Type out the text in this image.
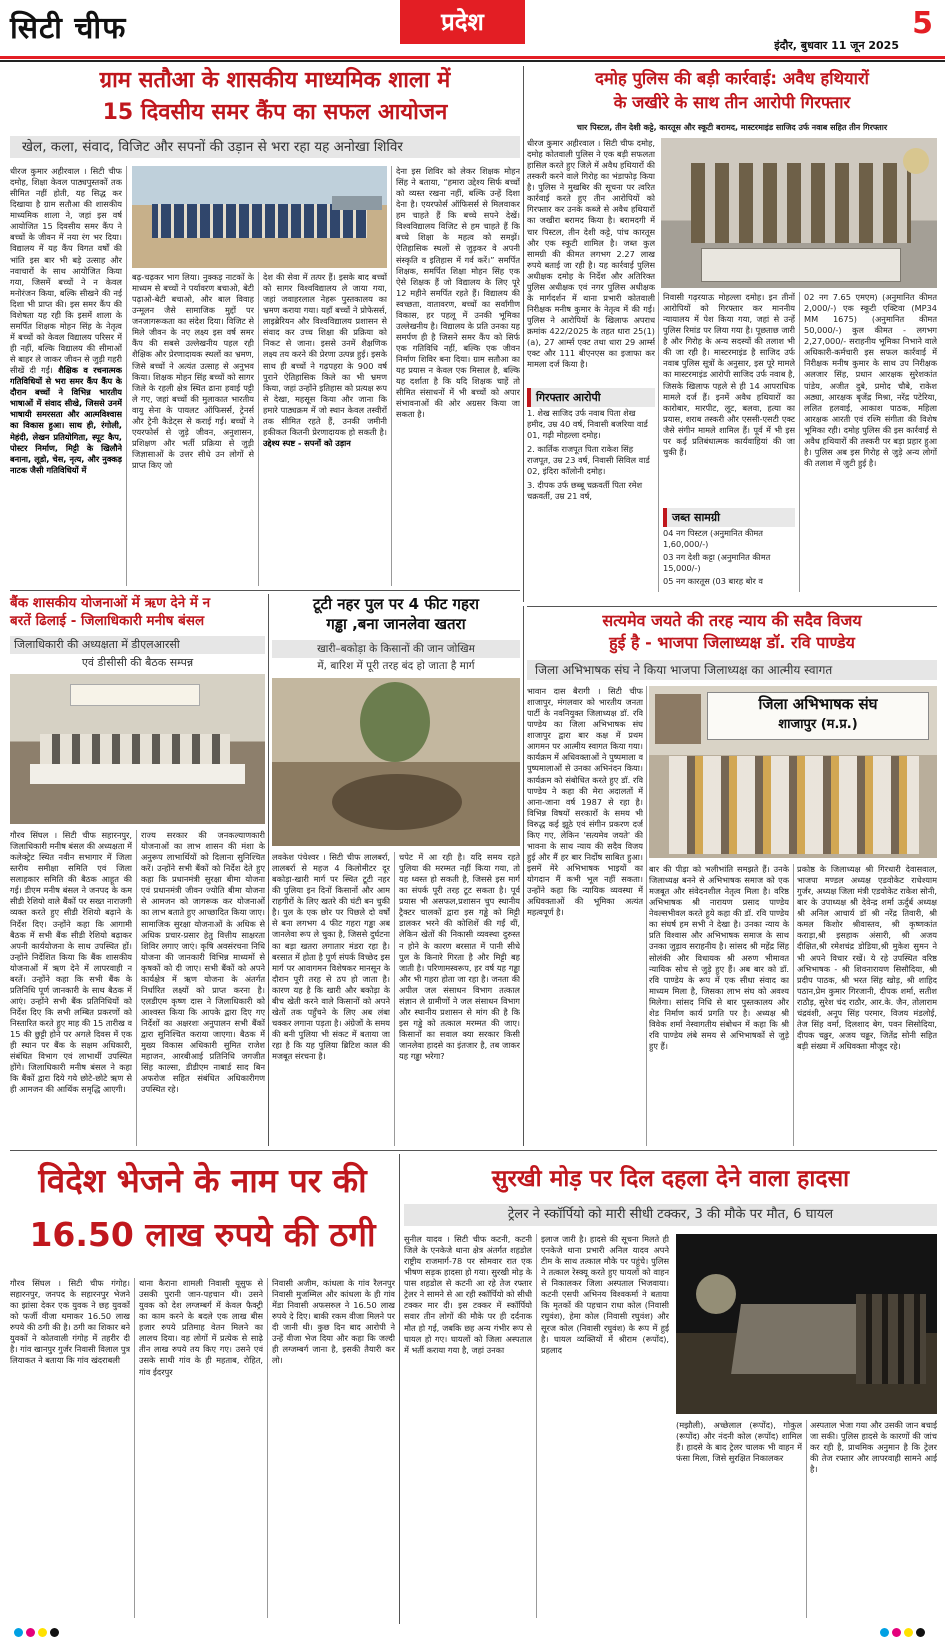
सिटी चीफ	प्रदेश
इंदौर, बुधवार 11 जून 2025
5
ग्राम सतौआ के शासकीय माध्यमिक शाला में
15 दिवसीय समर कैंप का सफल आयोजन
खेल, कला, संवाद, विजिट और सपनों की उड़ान से भरा रहा यह अनोखा शिविर
धीरज कुमार अहीरवाल । सिटी चीफ दमोह, शिक्षा केवल पाठ्यपुस्तकों तक सीमित नहीं होती, यह सिद्ध कर दिखाया है ग्राम सतौआ की शासकीय माध्यमिक शाला ने, जहां इस वर्ष आयोजित 15 दिवसीय समर कैंप ने बच्चों के जीवन में नया रंग भर दिया। विद्यालय में यह कैंप विगत वर्षों की भांति इस बार भी बड़े उत्साह और नवाचारों के साथ आयोजित किया गया, जिसमें बच्चों ने न केवल मनोरंजन किया, बल्कि सीखने की नई दिशा भी प्राप्त की। इस समर कैंप की विशेषता यह रही कि इसमें शाला के समर्पित शिक्षक मोहन सिंह के नेतृत्व में बच्चों को केवल विद्यालय परिसर में ही नहीं, बल्कि विद्यालय की सीमाओं से बाहर ले जाकर जीवन से जुड़ी गहरी सीखें दी गईं। शैक्षिक व रचनात्मक गतिविधियों से भरा समर कैंप कैंप के दौरान बच्चों ने विभिन्न भारतीय भाषाओं में संवाद सीखे, जिससे उनमें भाषायी समरसता और आत्मविश्वास का विकास हुआ। साथ ही, रंगोली, मेहंदी, लेखन प्रतियोगिता, स्पूट कैप, पोस्टर निर्माण, मिट्टी के खिलौने बनाना, लूडो, चेस, नृत्य, और नुक्कड़ नाटक जैसी गतिविधियों में
बढ़-चढ़कर भाग लिया। नुक्कड़ नाटकों के माध्यम से बच्चों ने पर्यावरण बचाओ, बेटी पढ़ाओ-बेटी बचाओ, और बाल विवाह उन्मूलन जैसे सामाजिक मुद्दों पर जनजागरूकता का संदेश दिया। विजिट से मिले जीवन के नए लक्ष्य इस वर्ष समर कैंप की सबसे उल्लेखनीय पहल रही शैक्षिक और प्रेरणादायक स्थलों का भ्रमण, जिसे बच्चों ने अत्यंत उत्साह से अनुभव किया। शिक्षक मोहन सिंह बच्चों को सागर जिले के रहली क्षेत्र स्थित ढाना हवाई पट्टी ले गए, जहां बच्चों की मुलाकात भारतीय वायु सेना के पायलट ऑफिसर्स, ट्रेनर्स और ट्रेनी कैडेट्स से कराई गई। बच्चों ने एयरफोर्स से जुड़े जीवन, अनुशासन, प्रशिक्षण और भर्ती प्रक्रिया से जुड़ी जिज्ञासाओं के उत्तर सीधे उन लोगों से प्राप्त किए जो
देश की सेवा में तत्पर हैं। इसके बाद बच्चों को सागर विश्वविद्यालय ले जाया गया, जहां जवाहरलाल नेहरू पुस्तकालय का भ्रमण कराया गया। यहाँ बच्चों ने प्रोफेसर्स, लाइब्रेरियन और विश्वविद्यालय प्रशासन से संवाद कर उच्च शिक्षा की प्रक्रिया को निकट से जाना। इससे उनमें शैक्षणिक लक्ष्य तय करने की प्रेरणा उत्पन्न हुई। इसके साथ ही बच्चों ने गढ़पहरा के 900 वर्ष पुराने ऐतिहासिक किले का भी भ्रमण किया, जहां उन्होंने इतिहास को प्रत्यक्ष रूप से देखा, महसूस किया और जाना कि हमारे पाठ्यक्रम में जो स्थान केवल तस्वीरों तक सीमित रहते हैं, उनकी जमीनी हकीकत कितनी प्रेरणादायक हो सकती है। उद्देश्य स्पष्ट - सपनों को उड़ान
देना इस शिविर को लेकर शिक्षक मोहन सिंह ने बताया, “हमारा उद्देश्य सिर्फ बच्चों को व्यस्त रखना नहीं, बल्कि उन्हें दिशा देना है। एयरफोर्स ऑफिसर्स से मिलवाकर हम चाहते हैं कि बच्चे सपने देखें। विश्वविद्यालय विजिट से हम चाहते हैं कि बच्चे शिक्षा के महत्व को समझें। ऐतिहासिक स्थलों से जुड़कर वे अपनी संस्कृति व इतिहास में गर्व करें।” समर्पित शिक्षक, समर्पित शिक्षा मोहन सिंह एक ऐसे शिक्षक हैं जो विद्यालय के लिए पूरे 12 महीने समर्पित रहते हैं। विद्यालय की स्वच्छता, वातावरण, बच्चों का सर्वांगीण विकास, हर पहलू में उनकी भूमिका उल्लेखनीय है। विद्यालय के प्रति उनका यह समर्पण ही है जिसने समर कैंप को सिर्फ एक गतिविधि नहीं, बल्कि एक जीवन निर्माण शिविर बना दिया। ग्राम सतौआ का यह प्रयास न केवल एक मिसाल है, बल्कि यह दर्शाता है कि यदि शिक्षक चाहें तो सीमित संसाधनों में भी बच्चों को अपार संभावनाओं की ओर अग्रसर किया जा सकता है।
दमोह पुलिस की बड़ी कार्रवाई: अवैध हथियारों
के जखीरे के साथ तीन आरोपी गिरफ्तार
चार पिस्टल, तीन देशी कट्टे, कारतूस और स्कूटी बरामद, मास्टरमाइंड साजिद उर्फ नवाब सहित तीन गिरफ्तार
धीरज कुमार अहीरवाल । सिटी चीफ दमोह, दमोह कोतवाली पुलिस ने एक बड़ी सफलता हासिल करते हुए जिले में अवैध हथियारों की तस्करी करने वाले गिरोह का भंडाफोड़ किया है। पुलिस ने मुखबिर की सूचना पर त्वरित कार्रवाई करते हुए तीन आरोपियों को गिरफ्तार कर उनके कब्जे से अवैध हथियारों का जखीरा बरामद किया है। बरामदगी में चार पिस्टल, तीन देशी कट्टे, पांच कारतूस और एक स्कूटी शामिल है। जब्त कुल सामग्री की कीमत लगभग 2.27 लाख रुपये बताई जा रही है। यह कार्रवाई पुलिस अधीक्षक दमोह के निर्देश और अतिरिक्त पुलिस अधीक्षक एवं नगर पुलिस अधीक्षक के मार्गदर्शन में थाना प्रभारी कोतवाली निरीक्षक मनीष कुमार के नेतृत्व में की गई। पुलिस ने आरोपियों के खिलाफ अपराध क्रमांक 422/2025 के तहत धारा 25(1)(a), 27 आर्म्स एक्ट तथा धारा 29 आर्म्स एक्ट और 111 बीएनएस का इजाफा कर मामला दर्ज किया है।
गिरफ्तार आरोपी
1. शेख साजिद उर्फ नवाब पिता शेख हमीद, उम्र 40 वर्ष, निवासी बजरिया वार्ड 01, गढ़ी मोहल्ला दमोह।
2. कार्तिक राजपूत पिता राकेश सिंह राजपूत, उम्र 23 वर्ष, निवासी सिविल वार्ड 02, इंदिरा कॉलोनी दमोह।
3. दीपक उर्फ छब्बू चक्रवर्ती पिता रमेश चक्रवर्ती, उम्र 21 वर्ष,
निवासी गढ़रयाऊ मोहल्ला दमोह। इन तीनों आरोपियों को गिरफ्तार कर माननीय न्यायालय में पेश किया गया, जहां से उन्हें पुलिस रिमांड पर लिया गया है। पूछताछ जारी है और गिरोह के अन्य सदस्यों की तलाश भी की जा रही है। मास्टरमाइंड है साजिद उर्फ नवाब पुलिस सूत्रों के अनुसार, इस पूरे मामले का मास्टरमाइंड आरोपी साजिद उर्फ नवाब है, जिसके खिलाफ पहले से ही 14 आपराधिक मामले दर्ज हैं। इनमें अवैध हथियारों का कारोबार, मारपीट, लूट, बलवा, हत्या का प्रयास, शराब तस्करी और एससी-एसटी एक्ट जैसे संगीन मामले शामिल हैं। पूर्व में भी इस पर कई प्रतिबंधात्मक कार्यवाहियां की जा चुकी हैं।
जब्त सामग्री
04 नग पिस्टल (अनुमानित कीमत 1,60,000/-)
03 नग देशी कट्टा (अनुमानित कीमत 15,000/-)
05 नग कारतूस (03 बारह बोर व
02 नग 7.65 एमएम) (अनुमानित कीमत 2,000/-) एक स्कूटी एक्टिवा (MP34 MM 1675) (अनुमानित कीमत 50,000/-) कुल कीमत - लगभग 2,27,000/- सराहनीय भूमिका निभाने वाले अधिकारी-कर्मचारी इस सफल कार्रवाई में निरीक्षक मनीष कुमार के साथ उप निरीक्षक अलजार सिंह, प्रधान आरक्षक सुरेशकांत पांडेय, अजीत दुबे, प्रमोद चौबे, राकेश अठ्या, आरक्षक बृजेंद्र मिश्रा, नरेंद्र पटेरिया, ललित हलवाई, आकाश पाठक, महिला आरक्षक आरती एवं रश्मि संगीता की विशेष भूमिका रही। दमोह पुलिस की इस कार्रवाई से अवैध हथियारों की तस्करी पर बड़ा प्रहार हुआ है। पुलिस अब इस गिरोह से जुड़े अन्य लोगों की तलाश में जुटी हुई है।
बैंक शासकीय योजनाओं में ऋण देने में न
बरतें ढिलाई - जिलाधिकारी मनीष बंसल
जिलाधिकारी की अध्यक्षता में डीएलआरसी
एवं डीसीसी की बैठक सम्पन्न
गौरव सिंघल । सिटी चीफ सहारनपुर, जिलाधिकारी मनीष बंसल की अध्यक्षता में कलेक्ट्रेट स्थित नवीन सभागार में जिला स्तरीय समीक्षा समिति एवं जिला सलाहकार समिति की बैठक आहूत की गई। डीएम मनीष बंसल ने जनपद के कम सीडी रेशियो वाले बैंकों पर सख्त नाराजगी व्यक्त करते हुए सीडी रेशियो बढ़ाने के निर्देश दिए। उन्होंने कहा कि आगामी बैठक में सभी बैंक सीडी रेशियो बढ़ाकर अपनी कार्ययोजना के साथ उपस्थित हों। उन्होंने निर्देशित किया कि बैंक शासकीय योजनाओं में ऋण देने में लापरवाही न बरतें। उन्होंने कहा कि सभी बैंक के प्रतिनिधि पूर्ण जानकारी के साथ बैठक में आएं। उन्होंने सभी बैंक प्रतिनिधियों को निर्देश दिए कि सभी लम्बित प्रकरणों को निस्तारित करते हुए माह की 15 तारीख व 15 की छुट्टी होने पर अगले दिवस में एक ही स्थान पर बैंक के सक्षम अधिकारी, संबंधित विभाग एवं लाभार्थी उपस्थित होंगे। जिलाधिकारी मनीष बंसल ने कहा कि बैंकों द्वारा दिये गये छोटे-छोटे ऋण से ही आमजन की आर्थिक समृद्धि आएगी।
राज्य सरकार की जनकल्याणकारी योजनाओं का लाभ शासन की मंशा के अनुरूप लाभार्थियों को दिलाना सुनिश्चित करें। उन्होंने सभी बैंकों को निर्देश देते हुए कहा कि प्रधानमंत्री सुरक्षा बीमा योजना एवं प्रधानमंत्री जीवन ज्योति बीमा योजना से आमजन को जागरूक कर योजनाओं का लाभ बताते हुए आच्छादित किया जाए। सामाजिक सुरक्षा योजनाओं के अधिक से अधिक प्रचार-प्रसार हेतु वित्तीय साक्षरता शिविर लगाए जाएं। कृषि अवसंरचना निधि योजना की जानकारी विभिन्न माध्यमों से कृषकों को दी जाए। सभी बैंकों को अपने कार्यक्षेत्र में ऋण योजना के अंतर्गत निर्धारित लक्ष्यों को प्राप्त करना है। एलडीएम कृष्ण दास ने जिलाधिकारी को आश्वस्त किया कि आपके द्वारा दिए गए निर्देशों का अक्षरशः अनुपालन सभी बैंकों द्वारा सुनिश्चित कराया जाएगा। बैठक में मुख्य विकास अधिकारी सुमित राजेश महाजन, आरबीआई प्रतिनिधि जगजीत सिंह काल्सा, डीडीएम नाबार्ड साद बिन अफरोज सहित संबंधित अधिकारीगण उपस्थित रहे।
टूटी नहर पुल पर 4 फीट गहरा
गड्ढा ,बना जानलेवा खतरा
खारी–बकोड़ा के किसानों की जान जोखिम
में, बारिश में पूरी तरह बंद हो जाता है मार्ग
लवकेश पंचेश्वर । सिटी चीफ लालबर्रा, लालबर्रा से महज 4 किलोमीटर दूर बकोड़ा-खारी मार्ग पर स्थित टूटी नहर की पुलिया इन दिनों किसानों और आम राहगीरों के लिए खतरे की घंटी बन चुकी है। पुल के एक छोर पर पिछले दो वर्षों से बना लगभग 4 फीट गहरा गड्ढा अब जानलेवा रूप ले चुका है, जिससे दुर्घटना का बड़ा खतरा लगातार मंडरा रहा है। बरसात में होता है पूर्ण संपर्क विच्छेद इस मार्ग पर आवागमन विशेषकर मानसून के दौरान पूरी तरह से ठप हो जाता है। कारण यह है कि खारी और बकोड़ा के बीच खेती करने वाले किसानों को अपने खेतों तक पहुँचने के लिए अब लंबा चक्कर लगाना पड़ता है। अंग्रेजों के समय की बनी पुलिया भी संकट में बताया जा रहा है कि यह पुलिया ब्रिटिश काल की मजबूत संरचना है।
चपेट में आ रही है। यदि समय रहते पुलिया की मरम्मत नहीं किया गया, तो यह ध्वस्त हो सकती है, जिससे इस मार्ग का संपर्क पूरी तरह टूट सकता है। पूर्व प्रयास भी असफल,प्रशासन चुप स्थानीय ट्रैक्टर चालकों द्वारा इस गड्ढे को मिट्टी डालकर भरने की कोशिशें की गईं थीं, लेकिन खेतों की निकासी व्यवस्था दुरुस्त न होने के कारण बरसात में पानी सीधे पुल के किनारे गिरता है और मिट्टी बह जाती है। परिणामस्वरूप, हर वर्ष यह गड्ढा और भी गहरा होता जा रहा है। जनता की अपील जल संसाधन विभाग तत्काल संज्ञान ले ग्रामीणों ने जल संसाधन विभाग और स्थानीय प्रशासन से मांग की है कि इस गड्ढे को तत्काल मरम्मत की जाए। किसानों का सवाल क्या सरकार किसी जानलेवा हादसे का इंतजार है, तब जाकर यह गड्ढा भरेगा?
सत्यमेव जयते की तरह न्याय की सदैव विजय
हुई है - भाजपा जिलाध्यक्ष डॉ. रवि पाण्डेय
जिला अभिभाषक संघ ने किया भाजपा जिलाध्यक्ष का आत्मीय स्वागत
भावान दास बैरागी । सिटी चीफ शाजापुर, मंगलवार को भारतीय जनता पार्टी के नवनियुक्त जिलाध्यक्ष डॉ. रवि पाण्डेय का जिला अभिभाषक संघ शाजापुर द्वारा बार कक्ष में प्रथम आगमन पर आत्मीय स्वागत किया गया। कार्यक्रम में अधिवक्ताओं ने पुष्पमाला व पुष्पमालाओं से उनका अभिनंदन किया। कार्यक्रम को संबोधित करते हुए डॉ. रवि पाण्डेय ने कहा की मेरा अदालतों में आना-जाना वर्ष 1987 से रहा है। विभिन्न विषयों सरकारों के समय भी विरुद्ध कई झूठे एवं संगीन प्रकरण दर्ज किए गए, लेकिन 'सत्यमेव जयते' की भावना के साथ न्याय की सदैव विजय हुई और मैं हर बार निर्दोष साबित हुआ। इसमें मेरे अभिभाषक भाइयों का योगदान मैं कभी भूल नहीं सकता। उन्होंने कहा कि न्यायिक व्यवस्था में अधिवक्ताओं की भूमिका अत्यंत महत्वपूर्ण है।
जिला अभिभाषक संघ
शाजापुर (म.प्र.)
बार की पीड़ा को भलीभांति समझते हैं। उनके जिलाध्यक्ष बनने से अभिभाषक समाज को एक मजबूत और संवेदनशील नेतृत्व मिला है। वरिष्ठ अभिभाषक श्री नारायण प्रसाद पाण्डेय नेवल्सभीवल करते हुये कहा की डॉ. रवि पाण्डेय का संघर्ष हम सभी ने देखा है। उनका न्याय के प्रति विश्वास और अभिभाषक समाज के साथ उनका जुड़ाव सराहनीय है। सांसद श्री महेंद्र सिंह सोलंकी और विधायक श्री अरुण भीमावत न्यायिक सोच से जुड़े हुए हैं। अब बार को डॉ. रवि पाण्डेय के रूप में एक सीधा संवाद का माध्यम मिला है, जिसका लाभ संघ को अवश्य मिलेगा। सांसद निधि से बार पुस्तकालय और शेड निर्माण कार्य प्रगति पर है। अध्यक्ष श्री विवेक शर्मा नेस्वागतीय संबोधन में कहा कि श्री रवि पाण्डेय लंबे समय से अभिभाषकों से जुड़े हुए हैं।
प्रकोष्ठ के जिलाध्यक्ष श्री गिरधारी देवासवाल, भाजपा मण्डल अध्यक्ष एडवोकेट राधेश्याम गुर्जर, अध्यक्ष जिला मंत्री एडवोकेट राकेश सोनी, बार के उपाध्यक्ष श्री देवेन्द्र शर्मा ऊर्दुर्ब अध्यक्ष श्री अनिल आचार्य डॉ श्री नरेंद्र तिवारी, श्री कमल किशोर श्रीवास्तव, श्री कृष्णकांत कराड़ा,श्री इसहाक अंसारी, श्री अजय दीक्षित,श्री रमेशचंद्र डोडिया,श्री मुकेश सुमन ने भी अपने विचार रखें। ये रहे उपस्थित वरिष्ठ अभिभाषक - श्री शिवनारायण सिसौदिया, श्री प्रदीप पाठक, श्री भरत सिंह खोड़, श्री शाहिद पठान,प्रेम कुमार गिरजानी, दीपक शर्मा, सतीश राठौड़, सुरेश चंद राठौर, आर.के. जैन, तोलाराम चंद्रवंशी, अनूप सिंह परमार, विजय मंडलोई, तेज सिंह वर्मा, दिलशाद बेग, पवन सिसोदिया, दीपक चढ्ढर, अजय चढ्ढर, जितेंद्र सोनी सहित बड़ी संख्या में अधिवक्ता मौजूद रहे।
विदेश भेजने के नाम पर की
16.50 लाख रुपये की ठगी
गौरव सिंघल । सिटी चीफ गंगोह। सहारनपुर, जनपद के सहारनपुर भेजने का झांसा देकर एक युवक ने छह युवकों को फर्जी वीजा थमाकर 16.50 लाख रुपये की ठगी की है। ठगी का शिकार बने युवकों ने कोतवाली गंगोह में तहरीर दी है। गांव खानपुर गुर्जर निवासी विलाल पुत्र लियाकत ने बताया कि गांव खंदराबली
थाना कैराना शामली निवासी यूसुफ से उसकी पुरानी जान-पहचान थी। उसने युवक को देश लग्जम्बर्ग में केवल फैक्ट्री का काम करने के बदले एक लाख बीस हजार रुपये प्रतिमाह वेतन मिलने का लालच दिया। वह लोगों में प्रत्येक से साढ़े तीन लाख रुपये तय किए गए। उसने एवं उसके साथी गांव के ही महताब, रोहित, गांव ईदरपुर
निवासी अजीम, कांधला के गांव रैलनपुर निवासी मुजम्मिल और कांधला के ही गांव मेंडा निवासी अफसरुल ने 16.50 लाख रुपये दे दिए। बाकी रकम वीजा मिलने पर दी जानी थी। कुछ दिन बाद आरोपी ने उन्हें वीजा भेज दिया और कहा कि जल्दी ही लग्जम्बर्ग जाना है, इसकी तैयारी कर लो।
सुरखी मोड़ पर दिल दहला देने वाला हादसा
ट्रेलर ने स्कॉर्पियो को मारी सीधी टक्कर, 3 की मौके पर मौत, 6 घायल
सुनील यादव । सिटी चीफ कटनी, कटनी जिले के एनकेजे थाना क्षेत्र अंतर्गत शहडोल राष्ट्रीय राजमार्ग-78 पर सोमवार रात एक भीषण सड़क हादसा हो गया। सुरखी मोड़ के पास शहडोल से कटनी आ रहे तेज रफ्तार ट्रेलर ने सामने से आ रही स्कॉर्पियो को सीधी टक्कर मार दी। इस टक्कर में स्कॉर्पियो सवार तीन लोगों की मौके पर ही दर्दनाक मौत हो गई, जबकि छह अन्य गंभीर रूप से घायल हो गए। घायलों को जिला अस्पताल में भर्ती कराया गया है, जहां उनका
इलाज जारी है। हादसे की सूचना मिलते ही एनकेजे थाना प्रभारी अनिल यादव अपने टीम के साथ तत्काल मौके पर पहुंचे। पुलिस ने तत्काल रेस्क्यू करते हुए घायलों को वाहन से निकालकर जिला अस्पताल भिजवाया। कटनी एसपी अभिनय विश्वकर्मा ने बताया कि मृतकों की पहचान राधा कोल (निवासी रघुवंश), हेमा कोल (निवासी रघुवंश) और सूरज कोल (निवासी रघुवंश) के रूप में हुई है। घायल व्यक्तियों में श्रीराम (रूपोंद), प्रहलाद
(मझौली), अच्छेलाल (रूपोंद), गोकुल (रूपोंद) और नंदनी कोल (रूपोंद) शामिल हैं। हादसे के बाद ट्रेलर चालक भी वाहन में फंसा मिला, जिसे सुरक्षित निकालकर
अस्पताल भेजा गया और उसकी जान बचाई जा सकी। पुलिस हादसे के कारणों की जांच कर रही है, प्राथमिक अनुमान है कि ट्रेलर की तेज रफ्तार और लापरवाही सामने आई है।
